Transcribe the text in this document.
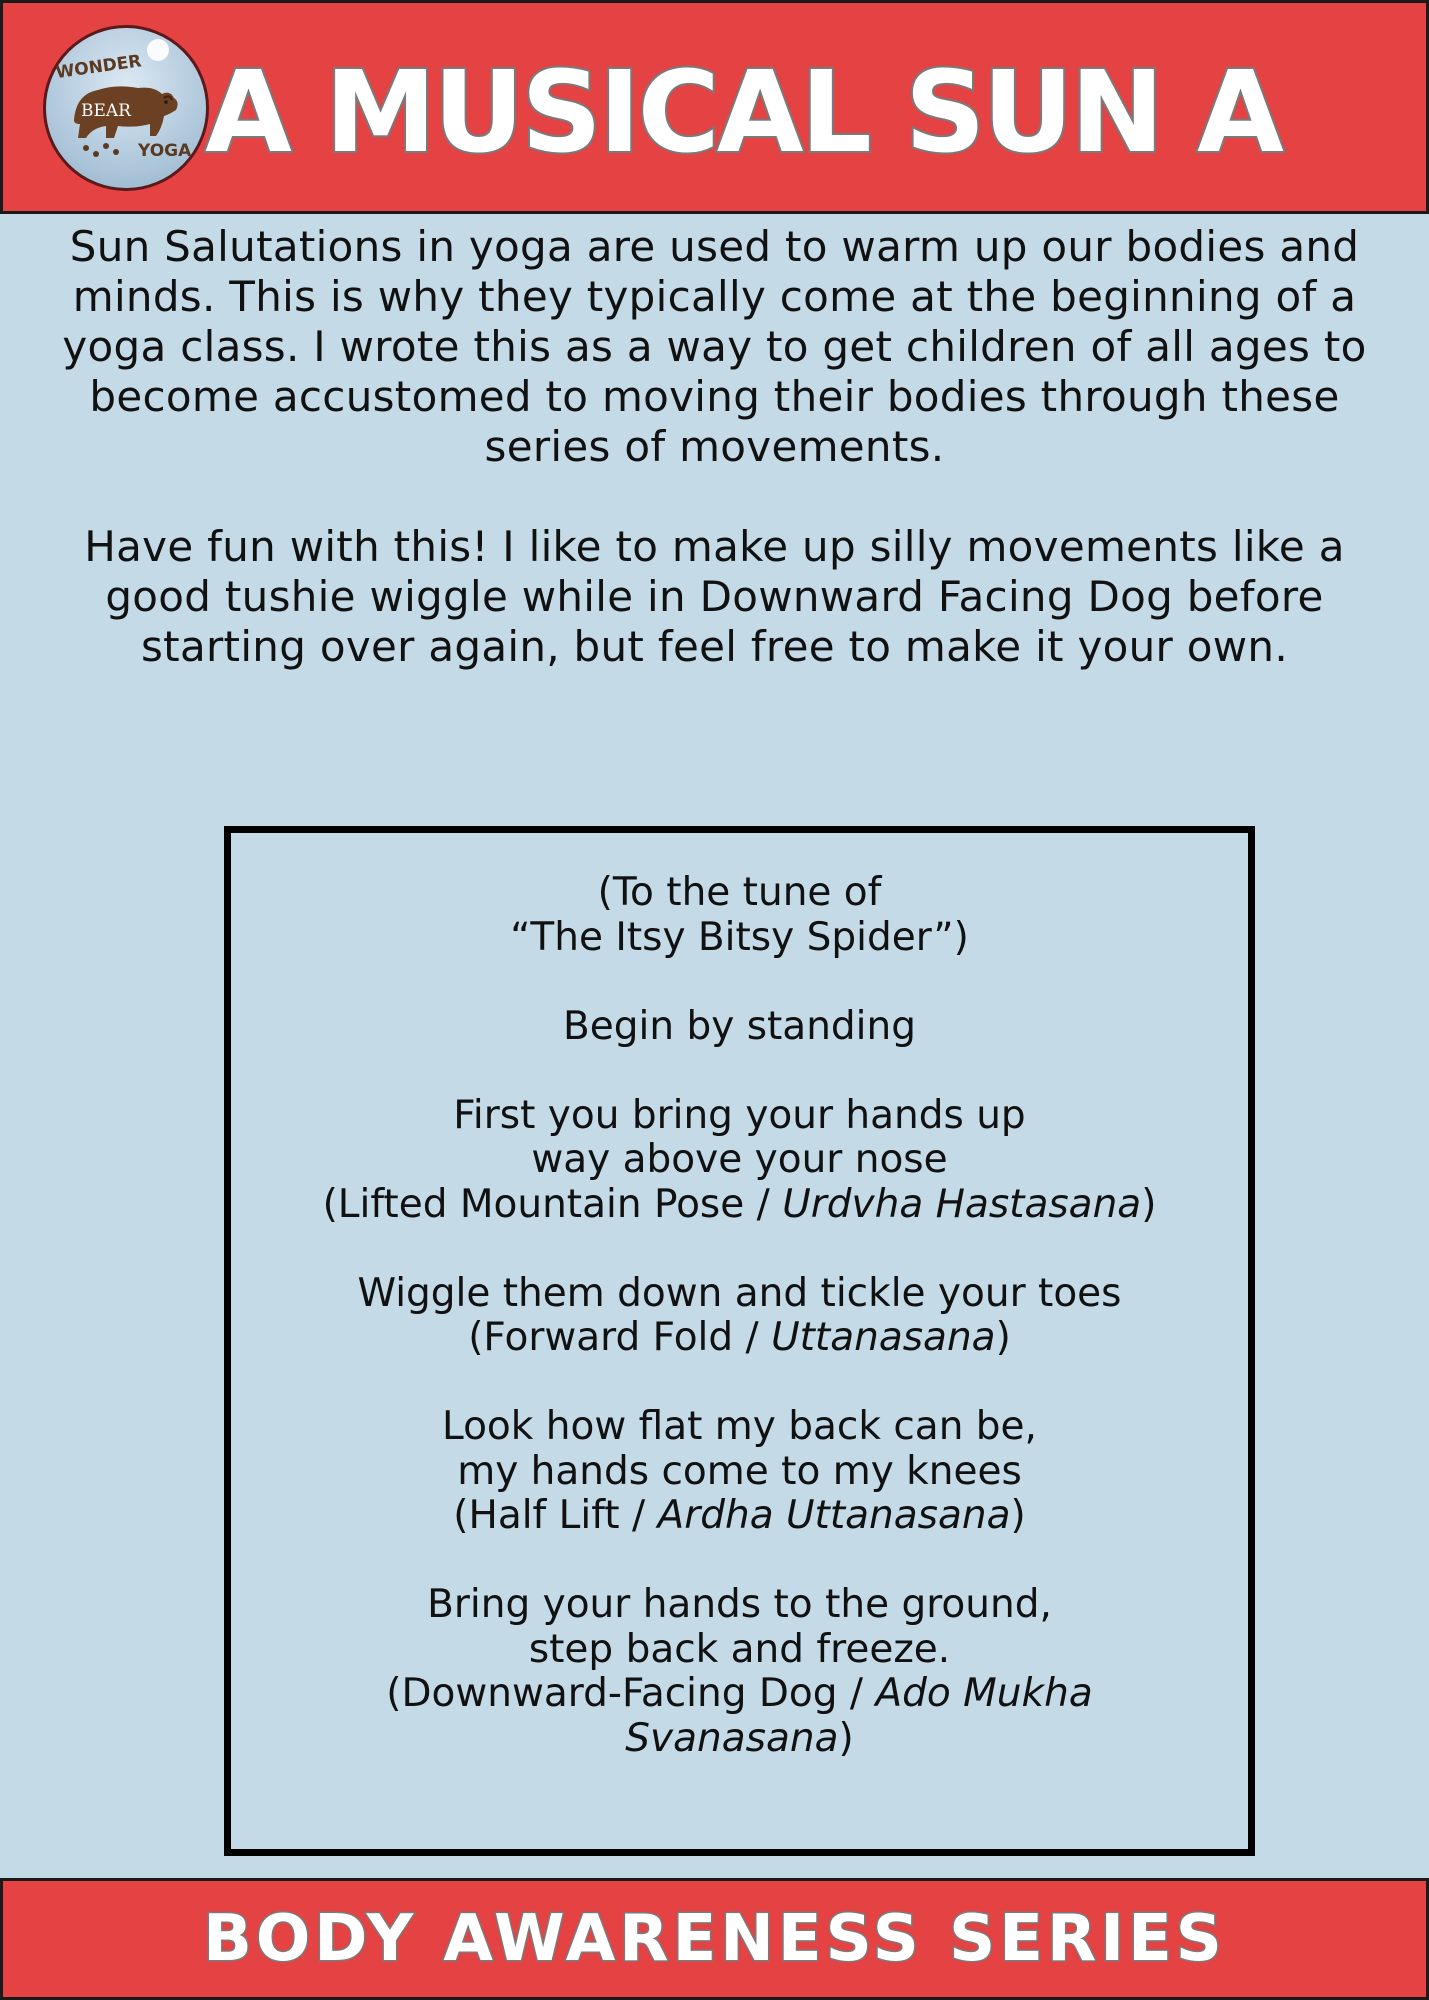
WONDER
BEAR
YOGA A MUSICAL SUN A

Sun Salutations in yoga are used to warm up our bodies and minds. This is why they typically come at the beginning of a yoga class. I wrote this as a way to get children of all ages to become accustomed to moving their bodies through these series of movements.

Have fun with this! I like to make up silly movements like a good tushie wiggle while in Downward Facing Dog before starting over again, but feel free to make it your own.

(To the tune of
“The Itsy Bitsy Spider”)
Begin by standing
First you bring your hands up
way above your nose
(Lifted Mountain Pose / Urdvha Hastasana)
Wiggle them down and tickle your toes
(Forward Fold / Uttanasana)
Look how flat my back can be,
my hands come to my knees
(Half Lift / Ardha Uttanasana)
Bring your hands to the ground,
step back and freeze.
(Downward-Facing Dog / Ado Mukha
Svanasana)
BODY AWARENESS SERIES
